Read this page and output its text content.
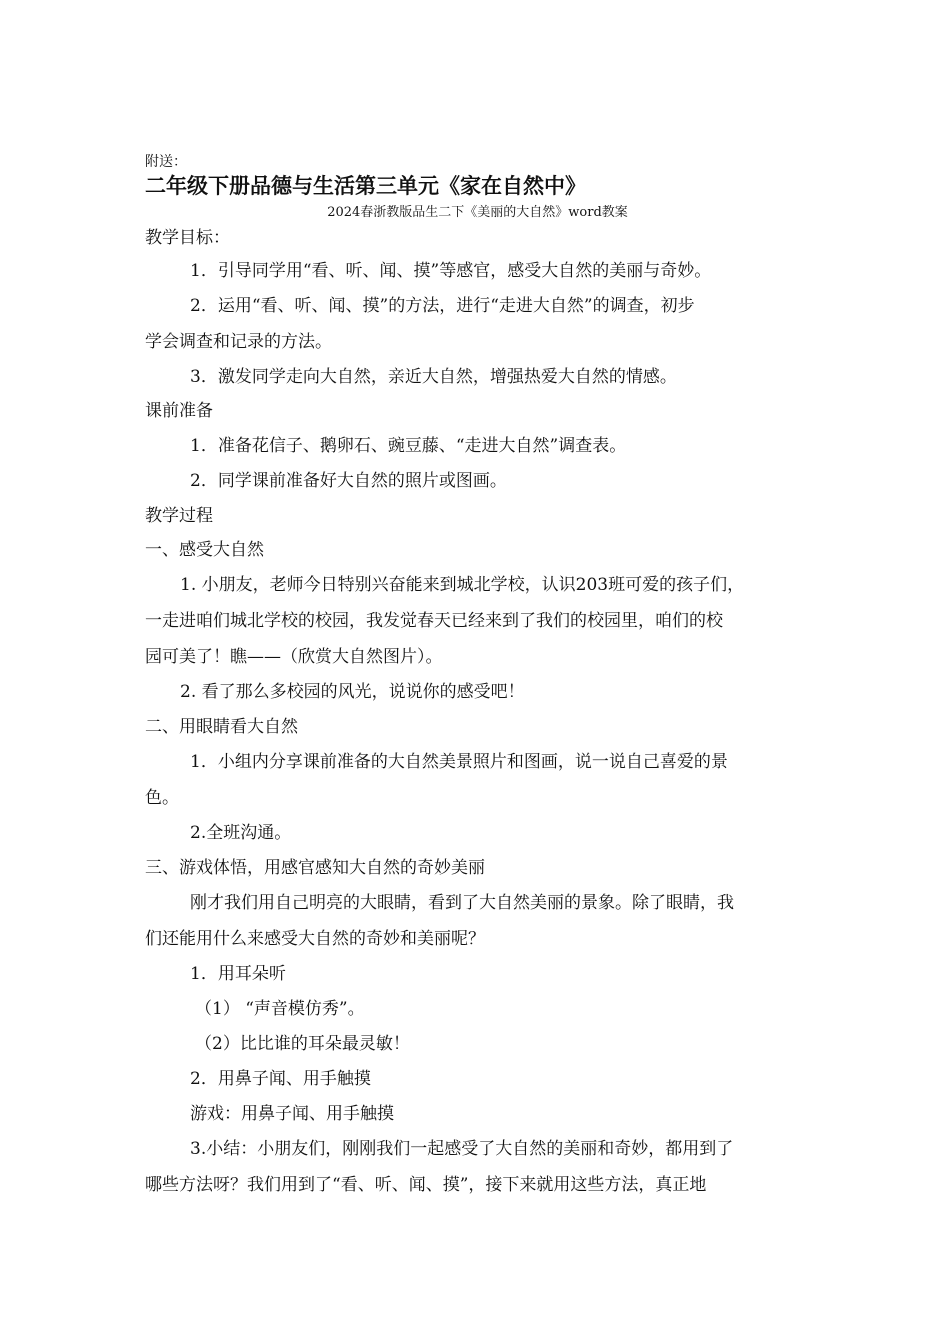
附送：
二年级下册品德与生活第三单元《家在自然中》
2024春浙教版品生二下《美丽的大自然》word教案
教学目标：
1．引导同学用“看、听、闻、摸”等感官，感受大自然的美丽与奇妙。
2．运用“看、听、闻、摸”的方法，进行“走进大自然”的调查，初步
学会调查和记录的方法。
3．激发同学走向大自然，亲近大自然，增强热爱大自然的情感。
课前准备
1．准备花信子、鹅卵石、豌豆藤、“走进大自然”调查表。
2．同学课前准备好大自然的照片或图画。
教学过程
一、感受大自然
1. 小朋友，老师今日特别兴奋能来到城北学校，认识203班可爱的孩子们，
一走进咱们城北学校的校园，我发觉春天已经来到了我们的校园里，咱们的校
园可美了！瞧——（欣赏大自然图片）。
2. 看了那么多校园的风光，说说你的感受吧！
二、用眼睛看大自然
1．小组内分享课前准备的大自然美景照片和图画，说一说自己喜爱的景
色。
2.全班沟通。
三、游戏体悟，用感官感知大自然的奇妙美丽
刚才我们用自己明亮的大眼睛，看到了大自然美丽的景象。除了眼睛，我
们还能用什么来感受大自然的奇妙和美丽呢？
1．用耳朵听
（1） “声音模仿秀”。
（2）比比谁的耳朵最灵敏！
2．用鼻子闻、用手触摸
游戏：用鼻子闻、用手触摸
3.小结：小朋友们，刚刚我们一起感受了大自然的美丽和奇妙，都用到了
哪些方法呀？我们用到了“看、听、闻、摸”，接下来就用这些方法，真正地
